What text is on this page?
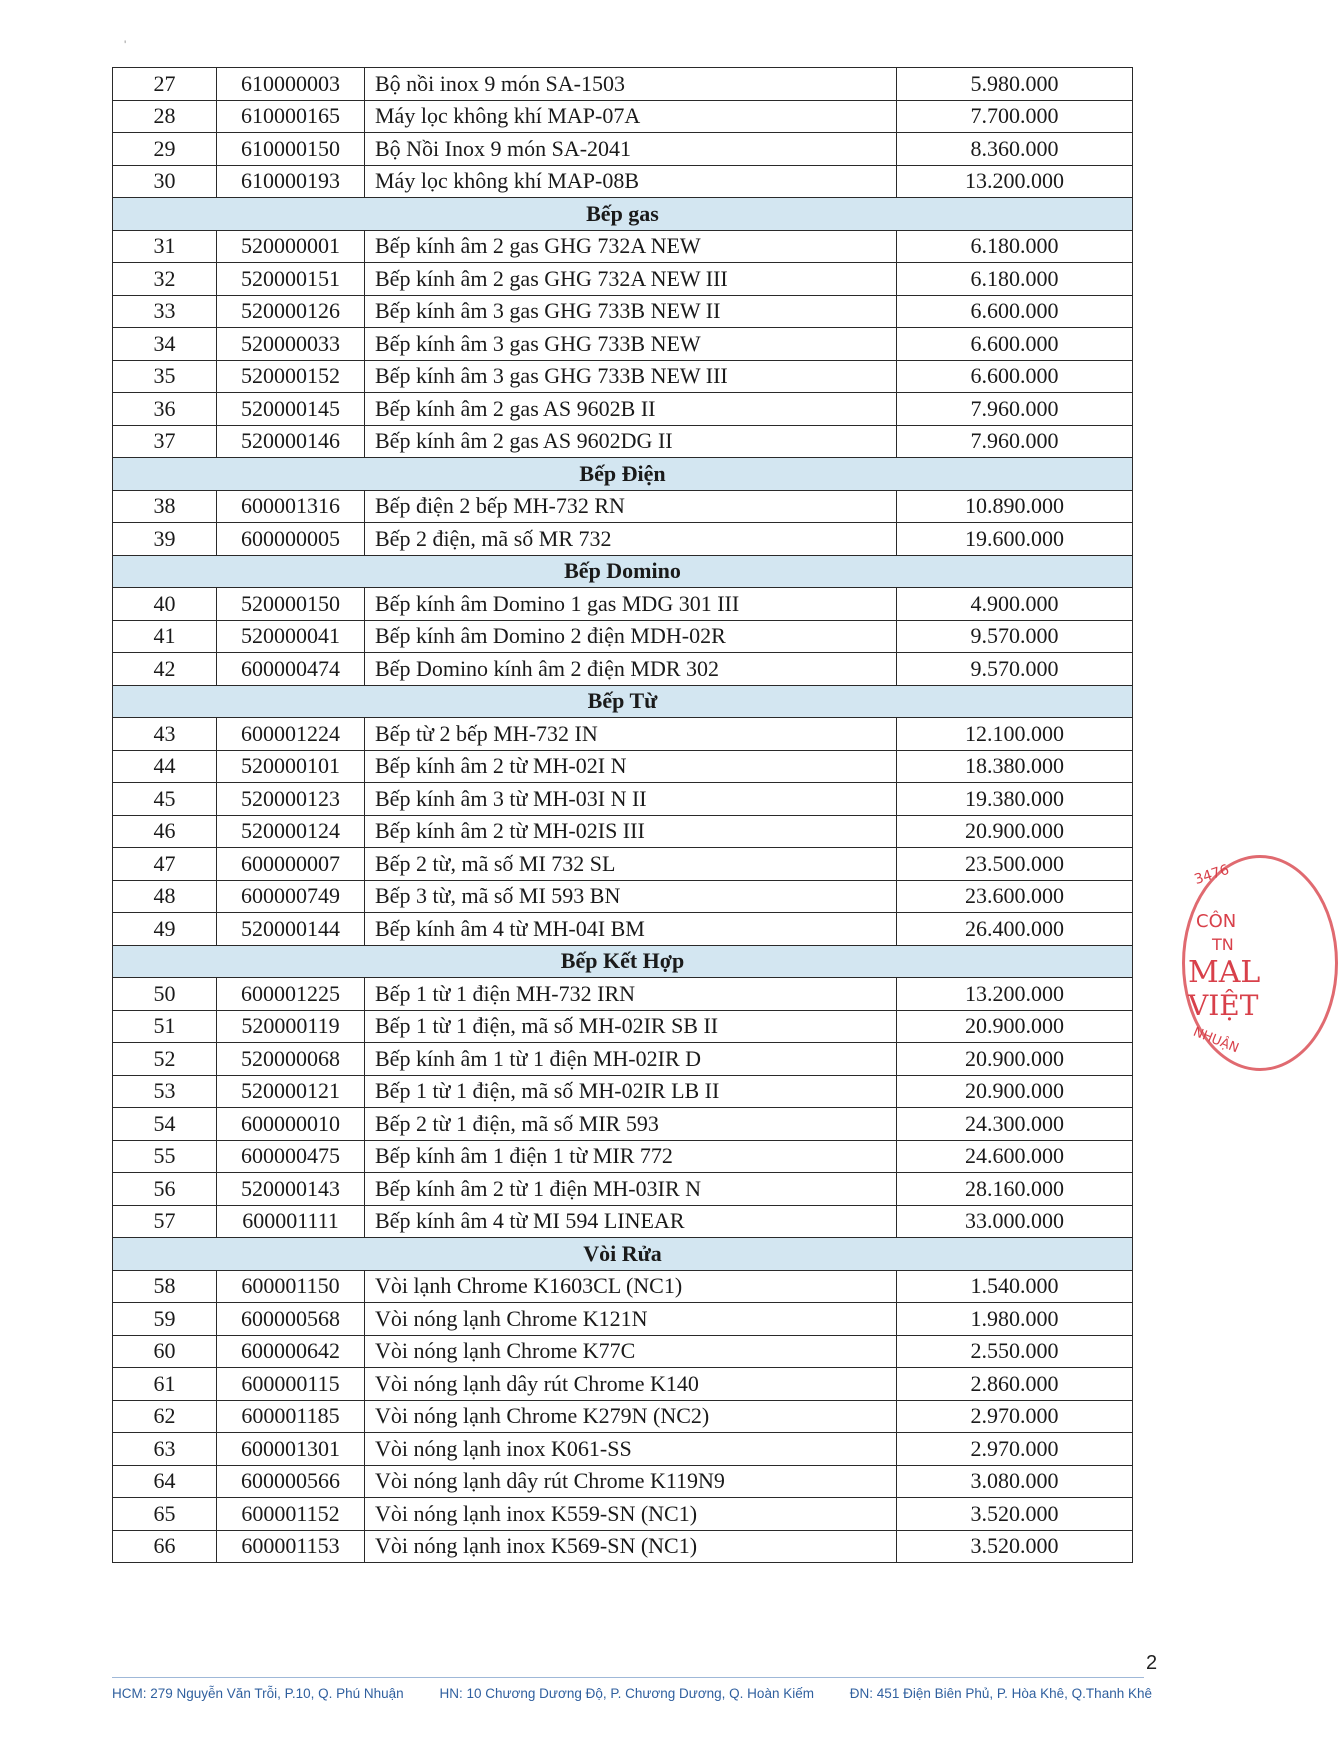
'
27	610000003	Bộ nồi inox 9 món SA-1503	5.980.000
28	610000165	Máy lọc không khí MAP-07A	7.700.000
29	610000150	Bộ Nồi Inox 9 món SA-2041	8.360.000
30	610000193	Máy lọc không khí MAP-08B	13.200.000
Bếp gas			
31	520000001	Bếp kính âm 2 gas GHG 732A NEW	6.180.000
32	520000151	Bếp kính âm 2 gas GHG 732A NEW III	6.180.000
33	520000126	Bếp kính âm 3 gas GHG 733B NEW II	6.600.000
34	520000033	Bếp kính âm 3 gas GHG 733B NEW	6.600.000
35	520000152	Bếp kính âm 3 gas GHG 733B NEW III	6.600.000
36	520000145	Bếp kính âm 2 gas AS 9602B II	7.960.000
37	520000146	Bếp kính âm 2 gas AS 9602DG II	7.960.000
Bếp Điện			
38	600001316	Bếp điện 2 bếp MH-732 RN	10.890.000
39	600000005	Bếp 2 điện, mã số MR 732	19.600.000
Bếp Domino			
40	520000150	Bếp kính âm Domino 1 gas MDG 301 III	4.900.000
41	520000041	Bếp kính âm Domino 2 điện MDH-02R	9.570.000
42	600000474	Bếp Domino kính âm 2 điện MDR 302	9.570.000
Bếp Từ			
43	600001224	Bếp từ 2 bếp MH-732 IN	12.100.000
44	520000101	Bếp kính âm 2 từ MH-02I N	18.380.000
45	520000123	Bếp kính âm 3 từ MH-03I N II	19.380.000
46	520000124	Bếp kính âm 2 từ MH-02IS III	20.900.000
47	600000007	Bếp 2 từ, mã số MI 732 SL	23.500.000
48	600000749	Bếp 3 từ, mã số MI 593 BN	23.600.000
49	520000144	Bếp kính âm 4 từ MH-04I BM	26.400.000
Bếp Kết Hợp			
50	600001225	Bếp 1 từ 1 điện MH-732 IRN	13.200.000
51	520000119	Bếp 1 từ 1 điện, mã số MH-02IR SB II	20.900.000
52	520000068	Bếp kính âm 1 từ 1 điện MH-02IR D	20.900.000
53	520000121	Bếp 1 từ 1 điện, mã số MH-02IR LB II	20.900.000
54	600000010	Bếp 2 từ 1 điện, mã số MIR 593	24.300.000
55	600000475	Bếp kính âm 1 điện 1 từ MIR 772	24.600.000
56	520000143	Bếp kính âm 2 từ 1 điện MH-03IR N	28.160.000
57	600001111	Bếp kính âm 4 từ MI 594 LINEAR	33.000.000
Vòi Rửa			
58	600001150	Vòi lạnh Chrome K1603CL (NC1)	1.540.000
59	600000568	Vòi nóng lạnh Chrome K121N	1.980.000
60	600000642	Vòi nóng lạnh Chrome K77C	2.550.000
61	600000115	Vòi nóng lạnh dây rút Chrome K140	2.860.000
62	600001185	Vòi nóng lạnh Chrome K279N (NC2)	2.970.000
63	600001301	Vòi nóng lạnh inox K061-SS	2.970.000
64	600000566	Vòi nóng lạnh dây rút Chrome K119N9	3.080.000
65	600001152	Vòi nóng lạnh inox K559-SN (NC1)	3.520.000
66	600001153	Vòi nóng lạnh inox K569-SN (NC1)	3.520.000
3476
CÔN
TN
MAL
VIỆT
NHUẬN
2
HCM: 279 Nguyễn Văn Trỗi, P.10, Q. Phú Nhuận	HN: 10 Chương Dương Độ, P. Chương Dương, Q. Hoàn Kiếm	ĐN: 451 Điện Biên Phủ, P. Hòa Khê, Q.Thanh Khê
